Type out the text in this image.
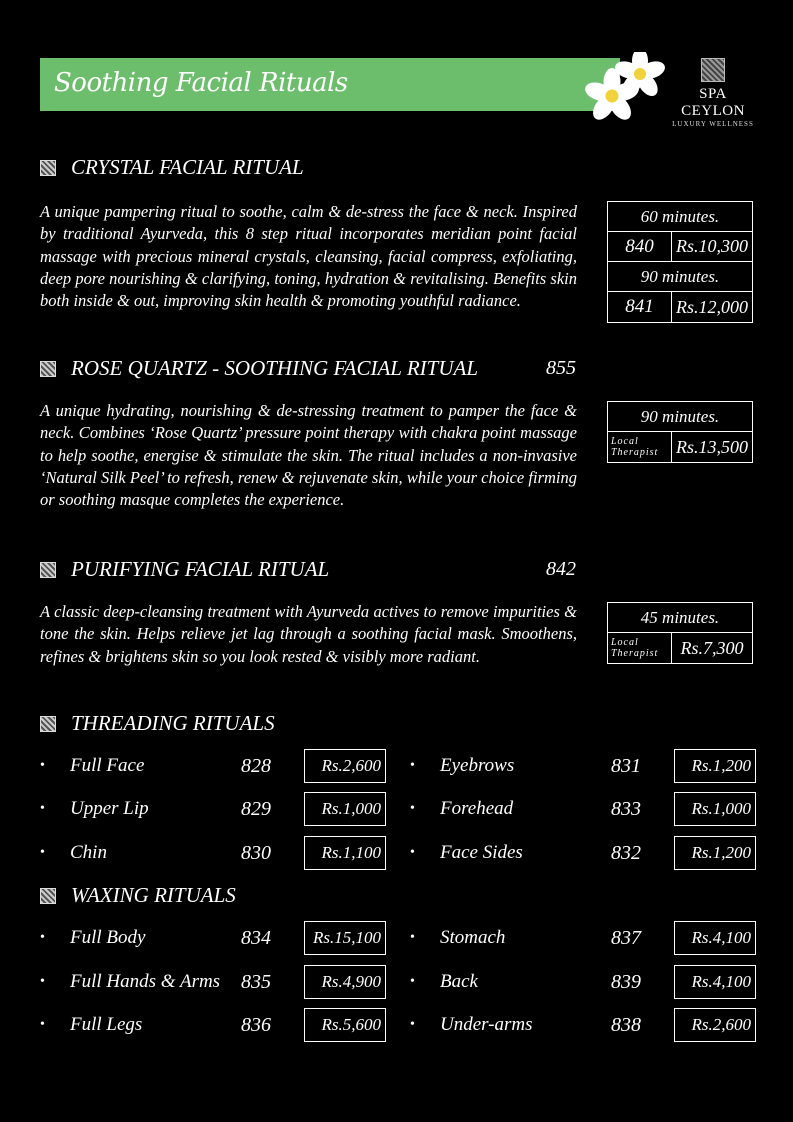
Soothing Facial Rituals	SPA CEYLON
LUXURY WELLNESS
CRYSTAL FACIAL RITUAL
A unique pampering ritual to soothe, calm & de-stress the face & neck. Inspired by traditional Ayurveda, this 8 step ritual incorporates meridian point facial massage with precious mineral crystals, cleansing, facial compress, exfoliating, deep pore nourishing & clarifying, toning, hydration & revitalising. Benefits skin both inside & out, improving skin health & promoting youthful radiance.
60 minutes.
840	Rs.10,300
90 minutes.
841	Rs.12,000
ROSE QUARTZ - SOOTHING FACIAL RITUAL	855
A unique hydrating, nourishing & de-stressing treatment to pamper the face & neck. Combines ‘Rose Quartz’ pressure point therapy with chakra point massage to help soothe, energise & stimulate the skin. The ritual includes a non-invasive ‘Natural Silk Peel’ to refresh, renew & rejuvenate skin, while your choice firming or soothing masque completes the experience.
90 minutes.
Local
Therapist Rs.13,500
PURIFYING FACIAL RITUAL	842
A classic deep-cleansing treatment with Ayurveda actives to remove impurities & tone the skin. Helps relieve jet lag through a soothing facial mask. Smoothens, refines & brightens skin so you look rested & visibly more radiant.
45 minutes.
Local
Therapist	Rs.7,300
THREADING RITUALS
•	Full Face	828	Rs.2,600	•	Eyebrows	831	Rs.1,200
•	Upper Lip	829	Rs.1,000	•	Forehead	833	Rs.1,000
•	Chin	830	Rs.1,100	•	Face Sides	832	Rs.1,200
WAXING RITUALS
•	Full Body	834	Rs.15,100	•	Stomach	837	Rs.4,100
•	Full Hands & Arms	835	Rs.4,900	•	Back	839	Rs.4,100
•	Full Legs	836	Rs.5,600	•	Under-arms	838	Rs.2,600
